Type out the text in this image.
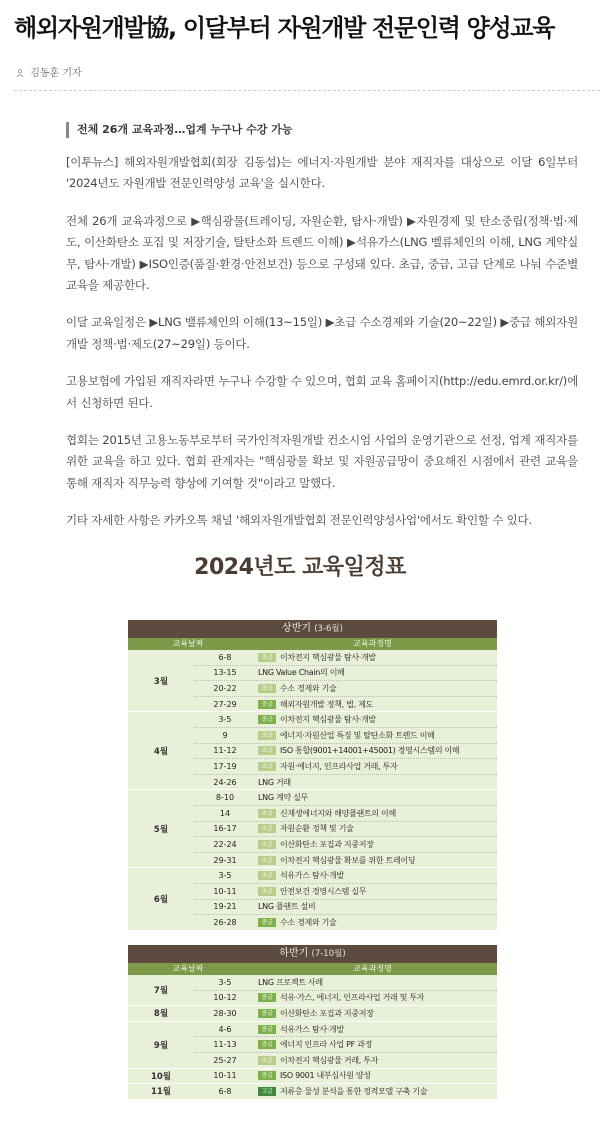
해외자원개발協, 이달부터 자원개발 전문인력 양성교육
김동훈 기자
전체 26개 교육과정…업계 누구나 수강 가능

[이투뉴스] 해외자원개발협회(회장 김동섭)는 에너지·자원개발 분야 재직자를 대상으로 이달 6일부터 '2024년도 자원개발 전문인력양성 교육'을 실시한다.

전체 26개 교육과정으로 ▶핵심광물(트레이딩, 자원순환, 탐사·개발) ▶자원경제 및 탄소중립(정책·법·제도, 이산화탄소 포집 및 저장기술, 탈탄소화 트렌드 이해) ▶석유가스(LNG 벨류체인의 이해, LNG 계약실무, 탐사·개발) ▶ISO인증(품질·환경·안전보건) 등으로 구성돼 있다. 초급, 중급, 고급 단계로 나눠 수준별 교육을 제공한다.

이달 교육일정은 ▶LNG 밸류체인의 이해(13~15일) ▶초급 수소경제와 기술(20~22일) ▶중급 해외자원개발 정책·법·제도(27~29일) 등이다.

고용보험에 가입된 재직자라면 누구나 수강할 수 있으며, 협회 교육 홈페이지(http://edu.emrd.or.kr/)에서 신청하면 된다.

협회는 2015년 고용노동부로부터 국가인적자원개발 컨소시엄 사업의 운영기관으로 선정, 업계 재직자를 위한 교육을 하고 있다. 협회 관계자는 "핵심광물 확보 및 자원공급망이 중요해진 시점에서 관련 교육을 통해 재직자 직무능력 향상에 기여할 것"이라고 말했다.

기타 자세한 사항은 카카오톡 채널 '해외자원개발협회 전문인력양성사업'에서도 확인할 수 있다.

2024년도 교육일정표
상반기 (3-6월)
교육날짜	교육과정명
3월
6-8	초급 이차전지 핵심광물 탐사·개발
13-15	LNG Value Chain의 이해
20-22	초급 수소 경제와 기술
27-29	중급 해외자원개발 정책, 법, 제도
4월
3-5	중급 이차전지 핵심광물 탐사·개발
9	초급 에너지·자원산업 특징 및 탈탄소화 트렌드 이해
11-12	초급 ISO 통합(9001+14001+45001) 경영시스템의 이해
17-19	초급 자원·에너지, 인프라사업 거래, 투자
24-26	LNG 거래
5월
8-10	LNG 계약 실무
14	초급 신재생에너지와 해양플랜트의 이해
16-17	초급 자원순환 정책 및 기술
22-24	초급 이산화탄소 포집과 지중저장
29-31	초급 이차전지 핵심광물 확보를 위한 트레이딩
6월
3-5	초급 석유가스 탐사·개발
10-11	초급 안전보건 경영시스템 실무
19-21	LNG 플랜트 설비
26-28	중급 수소 경제와 기술
하반기 (7-10월)
교육날짜	교육과정명
7월
3-5	LNG 프로젝트 사례
10-12	중급 석유·가스, 에너지, 인프라사업 거래 및 투자
8월	28-30	중급 이산화탄소 포집과 지중저장
9월
4-6	중급 석유가스 탐사·개발
11-13	중급 에너지 인프라 사업 PF 과정
25-27	초급 이차전지 핵심광물 거래, 투자
10월	10-11	중급 ISO 9001 내부심사원 양성
11월	6-8	고급 저류층 물성 분석을 통한 정적모델 구축 기술
